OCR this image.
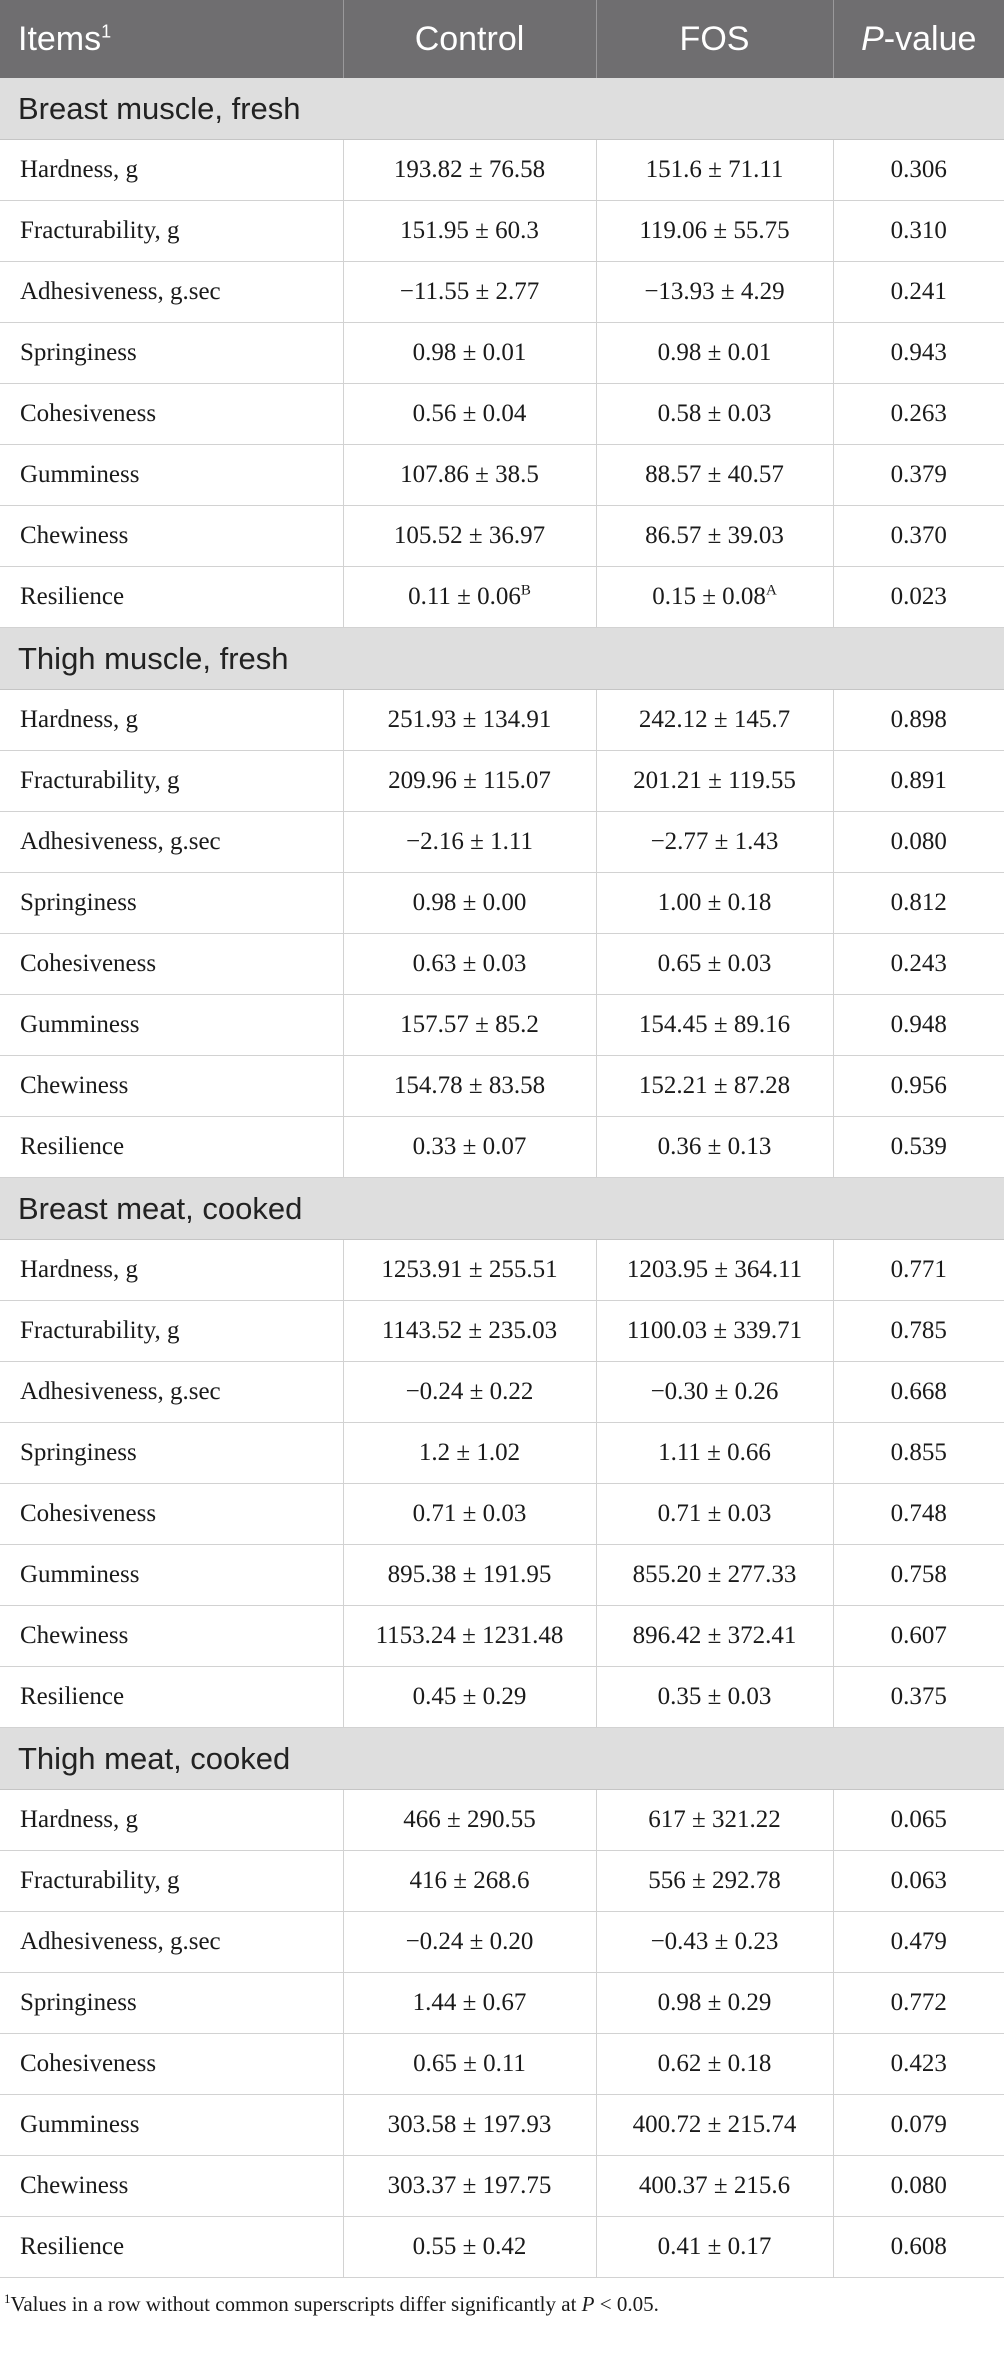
Items$^1$	Control	FOS	P-value
Breast muscle, fresh			
Hardness, g	193.82 ± 76.58	151.6 ± 71.11	0.306
Fracturability, g	151.95 ± 60.3	119.06 ± 55.75	0.310
Adhesiveness, g.sec	−11.55 ± 2.77	−13.93 ± 4.29	0.241
Springiness	0.98 ± 0.01	0.98 ± 0.01	0.943
Cohesiveness	0.56 ± 0.04	0.58 ± 0.03	0.263
Gumminess	107.86 ± 38.5	88.57 ± 40.57	0.379
Chewiness	105.52 ± 36.97	86.57 ± 39.03	0.370
Resilience	$0.11 \pm 0.06^B$	$0.15 \pm 0.08^A$	0.023
Thigh muscle, fresh			
Hardness, g	251.93 ± 134.91	242.12 ± 145.7	0.898
Fracturability, g	209.96 ± 115.07	201.21 ± 119.55	0.891
Adhesiveness, g.sec	−2.16 ± 1.11	−2.77 ± 1.43	0.080
Springiness	0.98 ± 0.00	1.00 ± 0.18	0.812
Cohesiveness	0.63 ± 0.03	0.65 ± 0.03	0.243
Gumminess	157.57 ± 85.2	154.45 ± 89.16	0.948
Chewiness	154.78 ± 83.58	152.21 ± 87.28	0.956
Resilience	0.33 ± 0.07	0.36 ± 0.13	0.539
Breast meat, cooked			
Hardness, g	1253.91 ± 255.51	1203.95 ± 364.11	0.771
Fracturability, g	1143.52 ± 235.03	1100.03 ± 339.71	0.785
Adhesiveness, g.sec	−0.24 ± 0.22	−0.30 ± 0.26	0.668
Springiness	1.2 ± 1.02	1.11 ± 0.66	0.855
Cohesiveness	0.71 ± 0.03	0.71 ± 0.03	0.748
Gumminess	895.38 ± 191.95	855.20 ± 277.33	0.758
Chewiness	1153.24 ± 1231.48	896.42 ± 372.41	0.607
Resilience	0.45 ± 0.29	0.35 ± 0.03	0.375
Thigh meat, cooked			
Hardness, g	466 ± 290.55	617 ± 321.22	0.065
Fracturability, g	416 ± 268.6	556 ± 292.78	0.063
Adhesiveness, g.sec	−0.24 ± 0.20	−0.43 ± 0.23	0.479
Springiness	1.44 ± 0.67	0.98 ± 0.29	0.772
Cohesiveness	0.65 ± 0.11	0.62 ± 0.18	0.423
Gumminess	303.58 ± 197.93	400.72 ± 215.74	0.079
Chewiness	303.37 ± 197.75	400.37 ± 215.6	0.080
Resilience	0.55 ± 0.42	0.41 ± 0.17	0.608
$^1$Values in a row without common superscripts differ significantly at P < 0.05.
